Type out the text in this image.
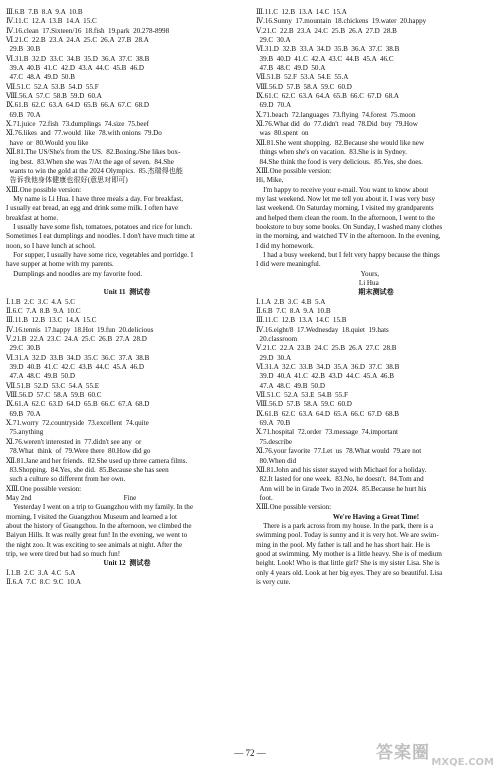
Ⅲ.6.B  7.B  8.A  9.A  10.B
Ⅳ.11.C  12.A  13.B  14.A  15.C
Ⅳ.16.clean  17.Sixteen/16  18.fish  19.park  20.278-8998
Ⅵ.21.C  22.B  23.A  24.A  25.C  26.A  27.B  28.A
29.B  30.B
Ⅵ.31.B  32.D  33.C  34.B  35.D  36.A  37.C  38.B
39.A  40.B  41.C  42.D  43.A  44.C  45.B  46.D
47.C  48.A  49.D  50.B
Ⅶ.51.C  52.A  53.B  54.D  55.F
Ⅷ.56.A  57.C  58.B  59.D  60.A
Ⅸ.61.B  62.C  63.A  64.D  65.B  66.A  67.C  68.D
69.B  70.A
Ⅹ.71.juice  72.fish  73.dumplings  74.size  75.beef
Ⅺ.76.likes  and  77.would  like  78.with onions  79.Do
have  or  80.Would you like
Ⅻ.81.The US/She's from the US.  82.Boxing./She likes box-
ing best.  83.When she was 7/At the age of seven.  84.She
wants to win the gold at the 2024 Olympics.  85.杰瑞得也能
告诉我他身体健康也很好(意思对即可)
ⅩⅢ.One possible version:
My name is Li Hua. I have three meals a day. For breakfast,
I usually eat bread, an egg and drink some milk. I often have
breakfast at home.
I usually have some fish, tomatoes, potatoes and rice for lunch.
Sometimes I eat dumplings and noodles. I don't have much time at
noon, so I have lunch at school.
For supper, I usually have some rice, vegetables and porridge. I
have supper at home with my parents.
Dumplings and noodles are my favorite food.
Unit 11  测试卷
Ⅰ.1.B  2.C  3.C  4.A  5.C
Ⅱ.6.C  7.A  8.B  9.A  10.C
Ⅲ.11.B  12.B  13.C  14.A  15.C
Ⅳ.16.tennis  17.happy  18.Hot  19.fun  20.delicious
Ⅴ.21.B  22.A  23.C  24.A  25.C  26.B  27.A  28.D
29.C  30.B
Ⅵ.31.A  32.D  33.B  34.D  35.C  36.C  37.A  38.B
39.D  40.B  41.C  42.C  43.B  44.C  45.A  46.D
47.A  48.C  49.B  50.D
Ⅶ.51.B  52.D  53.C  54.A  55.E
Ⅷ.56.D  57.C  58.A  59.B  60.C
Ⅸ.61.A  62.C  63.D  64.D  65.B  66.C  67.A  68.D
69.B  70.A
Ⅹ.71.worry  72.countryside  73.excellent  74.quite
75.anything
Ⅺ.76.weren't interested in  77.didn't see any  or
78.What  think  of  79.Were there  80.How did go
Ⅻ.81.Jane and her friends.  82.She used up three camera films.
83.Shopping.  84.Yes, she did.  85.Because she has seen
such a culture so different from her own.
ⅩⅢ.One possible version:
May 2nd                                                    Fine
Yesterday I went on a trip to Guangzhou with my family. In the
morning, I visited the Guangzhou Museum and learned a lot
about the history of Guangzhou. In the afternoon, we climbed the
Baiyun Hills. It was really great fun! In the evening, we went to
the night zoo. It was exciting to see animals at night. After the
trip, we were tired but had so much fun!
Unit 12  测试卷
Ⅰ.1.B  2.C  3.A  4.C  5.A
Ⅱ.6.A  7.C  8.C  9.C  10.A
Ⅲ.11.C  12.B  13.A  14.C  15.A
Ⅳ.16.Sunny  17.mountain  18.chickens  19.water  20.happy
Ⅴ.21.C  22.B  23.A  24.C  25.B  26.A  27.D  28.B
29.C  30.A
Ⅵ.31.D  32.B  33.A  34.D  35.B  36.A  37.C  38.B
39.B  40.D  41.C  42.A  43.C  44.B  45.A  46.C
47.B  48.C  49.D  50.A
Ⅶ.51.B  52.F  53.A  54.E  55.A
Ⅷ.56.D  57.B  58.A  59.C  60.D
Ⅸ.61.C  62.C  63.A  64.A  65.B  66.C  67.D  68.A
69.D  70.A
Ⅹ.71.beach  72.languages  73.flying  74.forest  75.moon
Ⅺ.76.What did  do  77.didn't  read  78.Did  buy  79.How
was  80.spent  on
Ⅻ.81.She went shopping.  82.Because she would like new
things when she's on vacation.  83.She is in Sydney.
84.She think the food is very delicious.  85.Yes, she does.
ⅩⅢ.One possible version:
Hi, Mike,
I'm happy to receive your e-mail. You want to know about
my last weekend. Now let me tell you about it. I was very busy
last weekend. On Saturday morning, I visited my grandparents
and helped them clean the room. In the afternoon, I went to the
bookstore to buy some books. On Sunday, I washed many clothes
in the morning, and watched TV in the afternoon. In the evening,
I did my homework.
I had a busy weekend, but I felt very happy because the things
I did were meaningful.
Yours,
Li Hua
期末测试卷
Ⅰ.1.A  2.B  3.C  4.B  5.A
Ⅱ.6.B  7.C  8.A  9.A  10.B
Ⅲ.11.C  12.B  13.A  14.C  15.B
Ⅳ.16.eight/8  17.Wednesday  18.quiet  19.hats
20.classroom
Ⅴ.21.C  22.A  23.B  24.C  25.B  26.A  27.C  28.B
29.D  30.A
Ⅵ.31.A  32.C  33.B  34.D  35.A  36.D  37.C  38.B
39.D  40.A  41.C  42.B  43.D  44.C  45.A  46.B
47.A  48.C  49.B  50.D
Ⅶ.51.C  52.A  53.E  54.B  55.F
Ⅷ.56.D  57.B  58.A  59.C  60.D
Ⅸ.61.B  62.C  63.A  64.D  65.A  66.C  67.D  68.B
69.A  70.B
Ⅹ.71.hospital  72.order  73.message  74.important
75.describe
Ⅺ.76.your favorite  77.Let  us  78.What would  79.are not
80.When did
Ⅻ.81.John and his sister stayed with Michael for a holiday.
82.It lasted for one week.  83.No, he doesn't.  84.Tom and
Ann will be in Grade Two in 2024.  85.Because he hurt his
foot.
ⅩⅢ.One possible version:
We're Having a Great Time!
There is a park across from my house. In the park, there is a
swimming pool. Today is sunny and it is very hot. We are swim-
ming in the pool. My father is tall and he has short hair. He is
good at swimming. My mother is a little heavy. She is of medium
height. Look! Who is that little girl? She is my sister Lisa. She is
only 4 years old. Look at her big eyes. They are so beautiful. Lisa
is very cute.
— 72 —	答案圈 MXQE.COM
